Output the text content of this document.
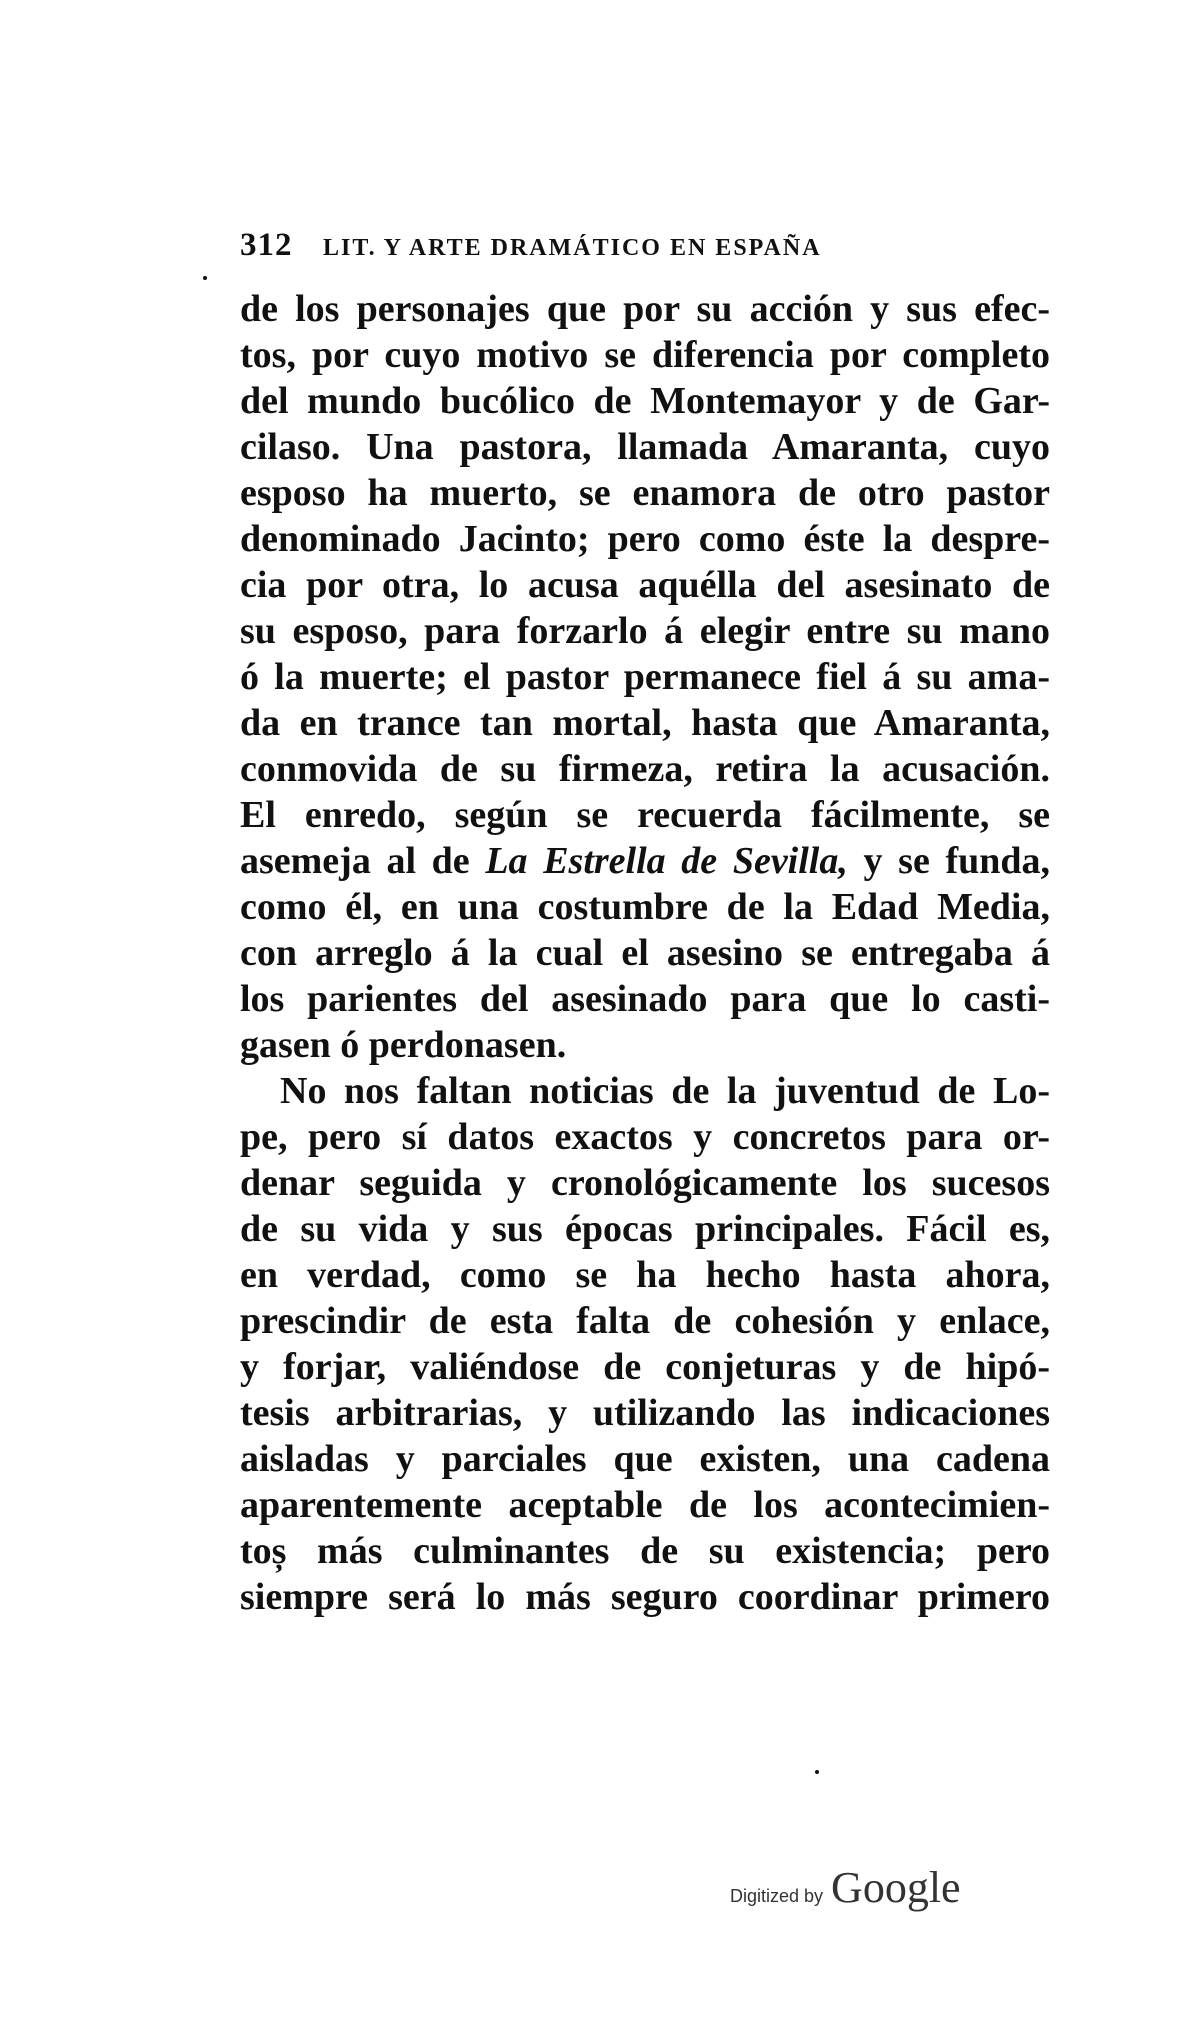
312 LIT. Y ARTE DRAMÁTICO EN ESPAÑA
de los personajes que por su acción y sus efec-
tos, por cuyo motivo se diferencia por completo
del mundo bucólico de Montemayor y de Gar-
cilaso. Una pastora, llamada Amaranta, cuyo
esposo ha muerto, se enamora de otro pastor
denominado Jacinto; pero como éste la despre-
cia por otra, lo acusa aquélla del asesinato de
su esposo, para forzarlo á elegir entre su mano
ó la muerte; el pastor permanece fiel á su ama-
da en trance tan mortal, hasta que Amaranta,
conmovida de su firmeza, retira la acusación.
El enredo, según se recuerda fácilmente, se
asemeja al de La Estrella de Sevilla, y se funda,
como él, en una costumbre de la Edad Media,
con arreglo á la cual el asesino se entregaba á
los parientes del asesinado para que lo casti-
gasen ó perdonasen.
No nos faltan noticias de la juventud de Lo-
pe, pero sí datos exactos y concretos para or-
denar seguida y cronológicamente los sucesos
de su vida y sus épocas principales. Fácil es,
en verdad, como se ha hecho hasta ahora,
prescindir de esta falta de cohesión y enlace,
y forjar, valiéndose de conjeturas y de hipó-
tesis arbitrarias, y utilizando las indicaciones
aisladas y parciales que existen, una cadena
aparentemente aceptable de los acontecimien-
toș más culminantes de su existencia; pero
siempre será lo más seguro coordinar primero
Digitized by Google
